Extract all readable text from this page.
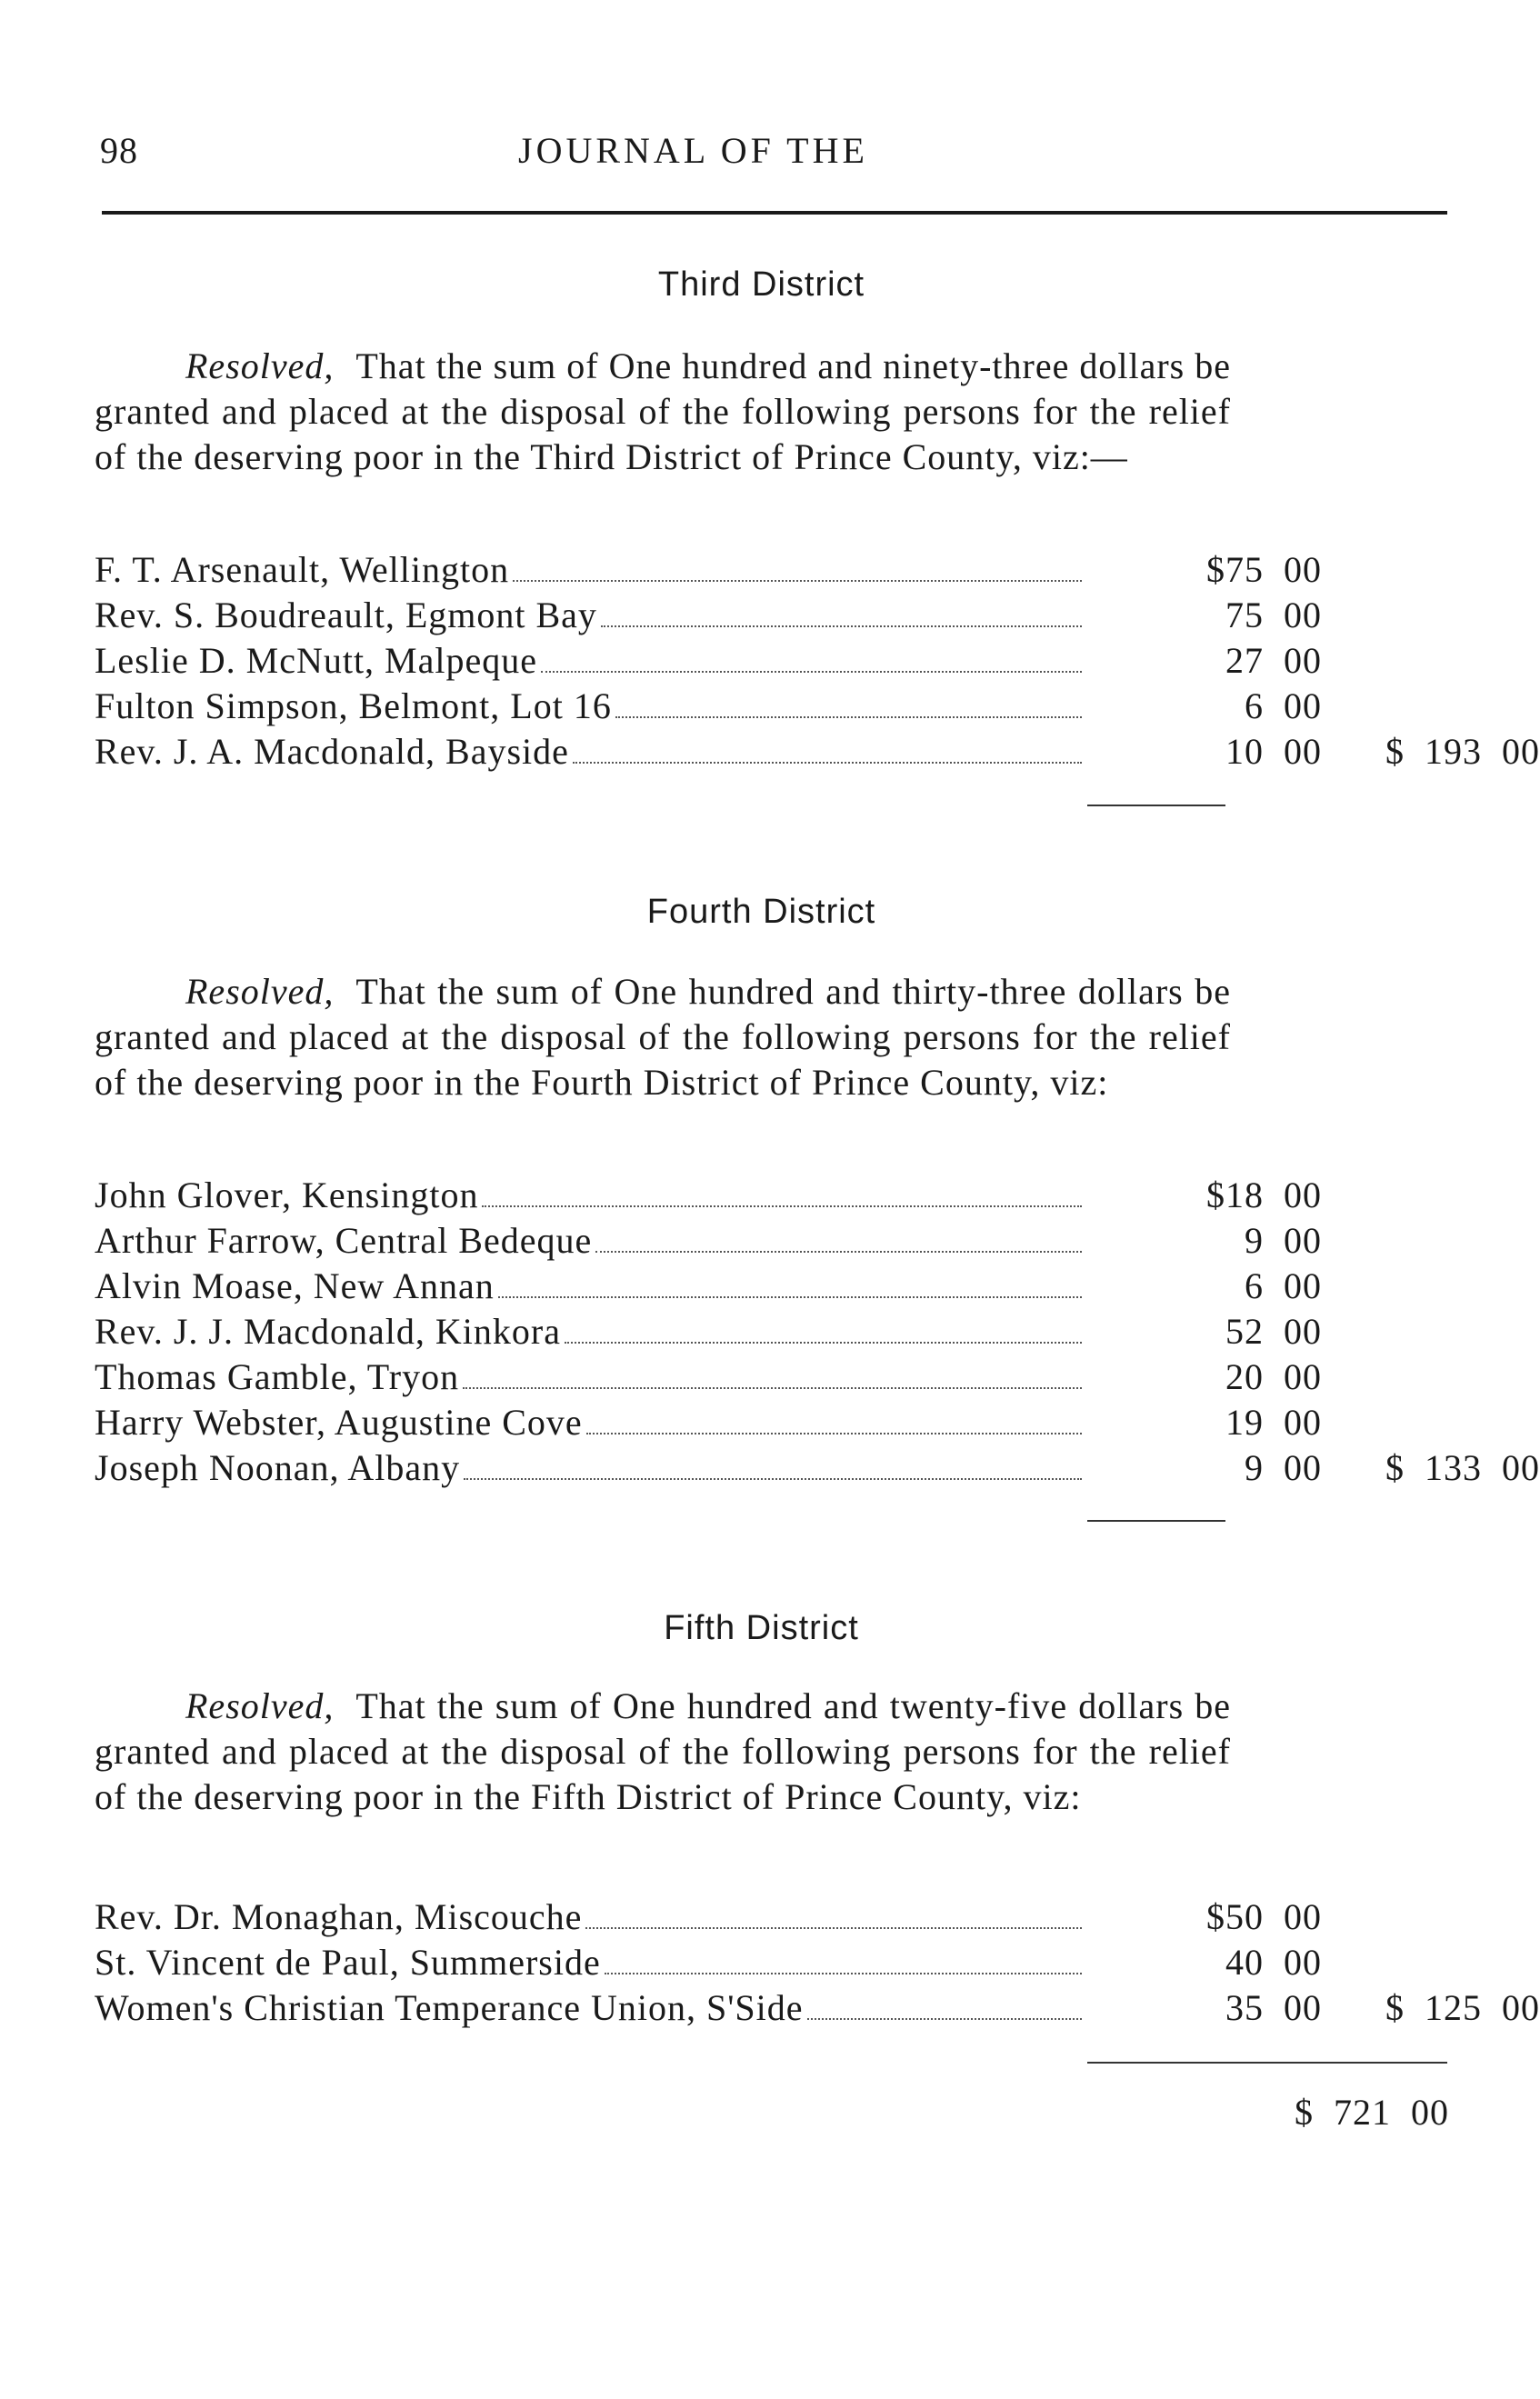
98	JOURNAL OF THE
Third District
Resolved, That the sum of One hundred and ninety-three dollars be granted and placed at the disposal of the following persons for the relief of the deserving poor in the Third District of Prince County, viz:—
F. T. Arsenault, Wellington	$75  00
Rev. S. Boudreault, Egmont Bay	75  00
Leslie D. McNutt, Malpeque	27  00
Fulton Simpson, Belmont, Lot 16	6  00
Rev. J. A. Macdonald, Bayside	10  00	$  193  00
Fourth District
Resolved, That the sum of One hundred and thirty-three dollars be granted and placed at the disposal of the following persons for the relief of the deserving poor in the Fourth District of Prince County, viz:
John Glover, Kensington	$18  00
Arthur Farrow, Central Bedeque	9  00
Alvin Moase, New Annan	6  00
Rev. J. J. Macdonald, Kinkora	52  00
Thomas Gamble, Tryon	20  00
Harry Webster, Augustine Cove	19  00
Joseph Noonan, Albany	9  00	$  133  00
Fifth District
Resolved, That the sum of One hundred and twenty-five dollars be granted and placed at the disposal of the following persons for the relief of the deserving poor in the Fifth District of Prince County, viz:
Rev. Dr. Monaghan, Miscouche	$50  00
St. Vincent de Paul, Summerside	40  00
Women's Christian Temperance Union, S'Side	35  00	$  125  00
$  721  00
